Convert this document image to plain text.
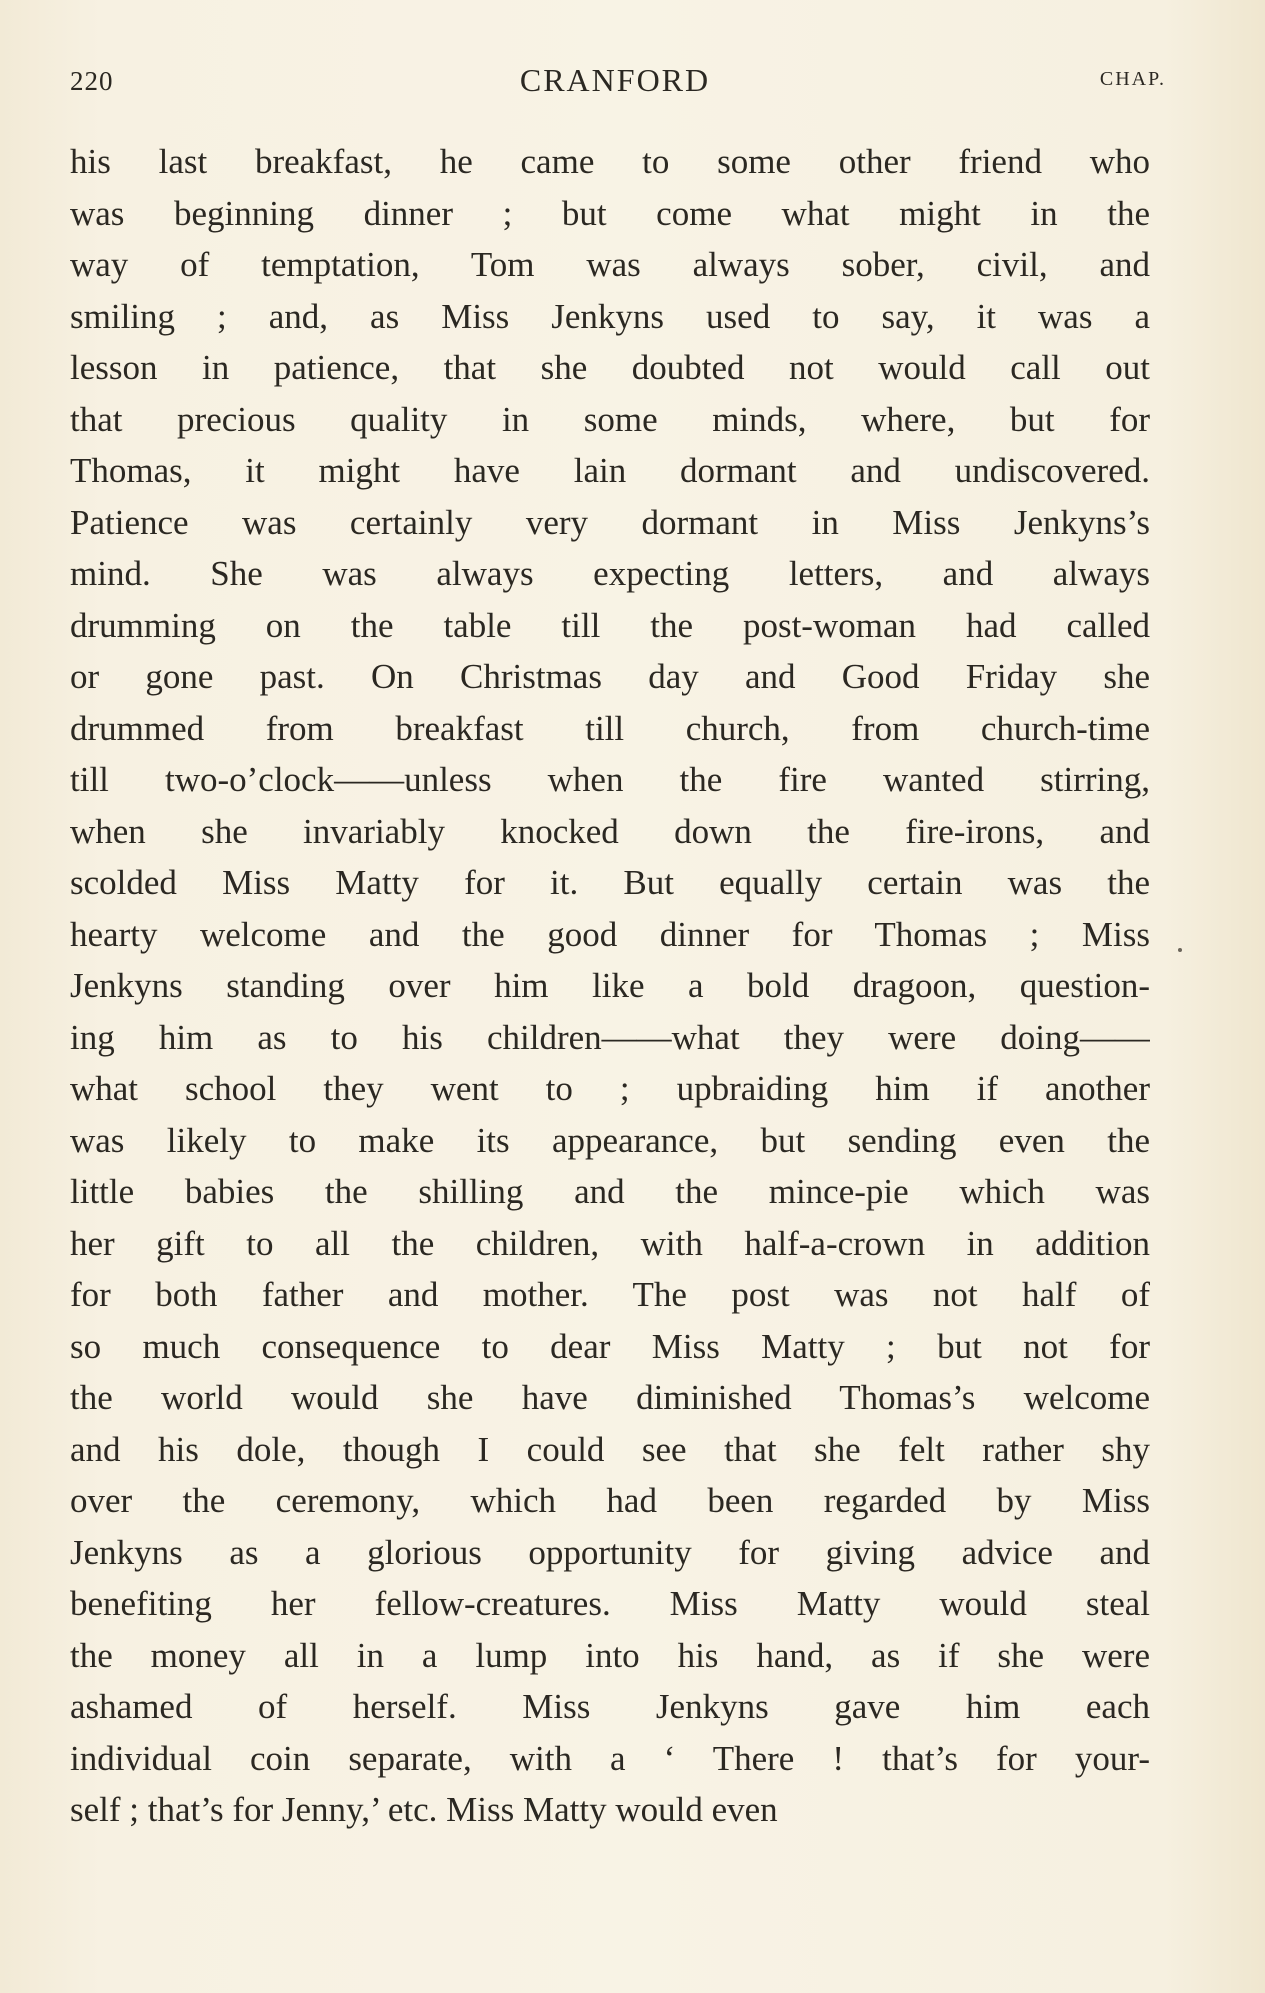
220	CRANFORD	CHAP.
his last breakfast, he came to some other friend who
was beginning dinner ; but come what might in the
way of temptation, Tom was always sober, civil, and
smiling ; and, as Miss Jenkyns used to say, it was a
lesson in patience, that she doubted not would call out
that precious quality in some minds, where, but for
Thomas, it might have lain dormant and undiscovered.
Patience was certainly very dormant in Miss Jenkyns’s
mind. She was always expecting letters, and always
drumming on the table till the post-woman had called
or gone past. On Christmas day and Good Friday she
drummed from breakfast till church, from church-time
till two-o’clock——unless when the fire wanted stirring,
when she invariably knocked down the fire-irons, and
scolded Miss Matty for it. But equally certain was the
hearty welcome and the good dinner for Thomas ; Miss
Jenkyns standing over him like a bold dragoon, question-
ing him as to his children——what they were doing——
what school they went to ; upbraiding him if another
was likely to make its appearance, but sending even the
little babies the shilling and the mince-pie which was
her gift to all the children, with half-a-crown in addition
for both father and mother. The post was not half of
so much consequence to dear Miss Matty ; but not for
the world would she have diminished Thomas’s welcome
and his dole, though I could see that she felt rather shy
over the ceremony, which had been regarded by Miss
Jenkyns as a glorious opportunity for giving advice and
benefiting her fellow-creatures. Miss Matty would steal
the money all in a lump into his hand, as if she were
ashamed of herself. Miss Jenkyns gave him each
individual coin separate, with a ‘ There ! that’s for your-
self ; that’s for Jenny,’ etc. Miss Matty would even
